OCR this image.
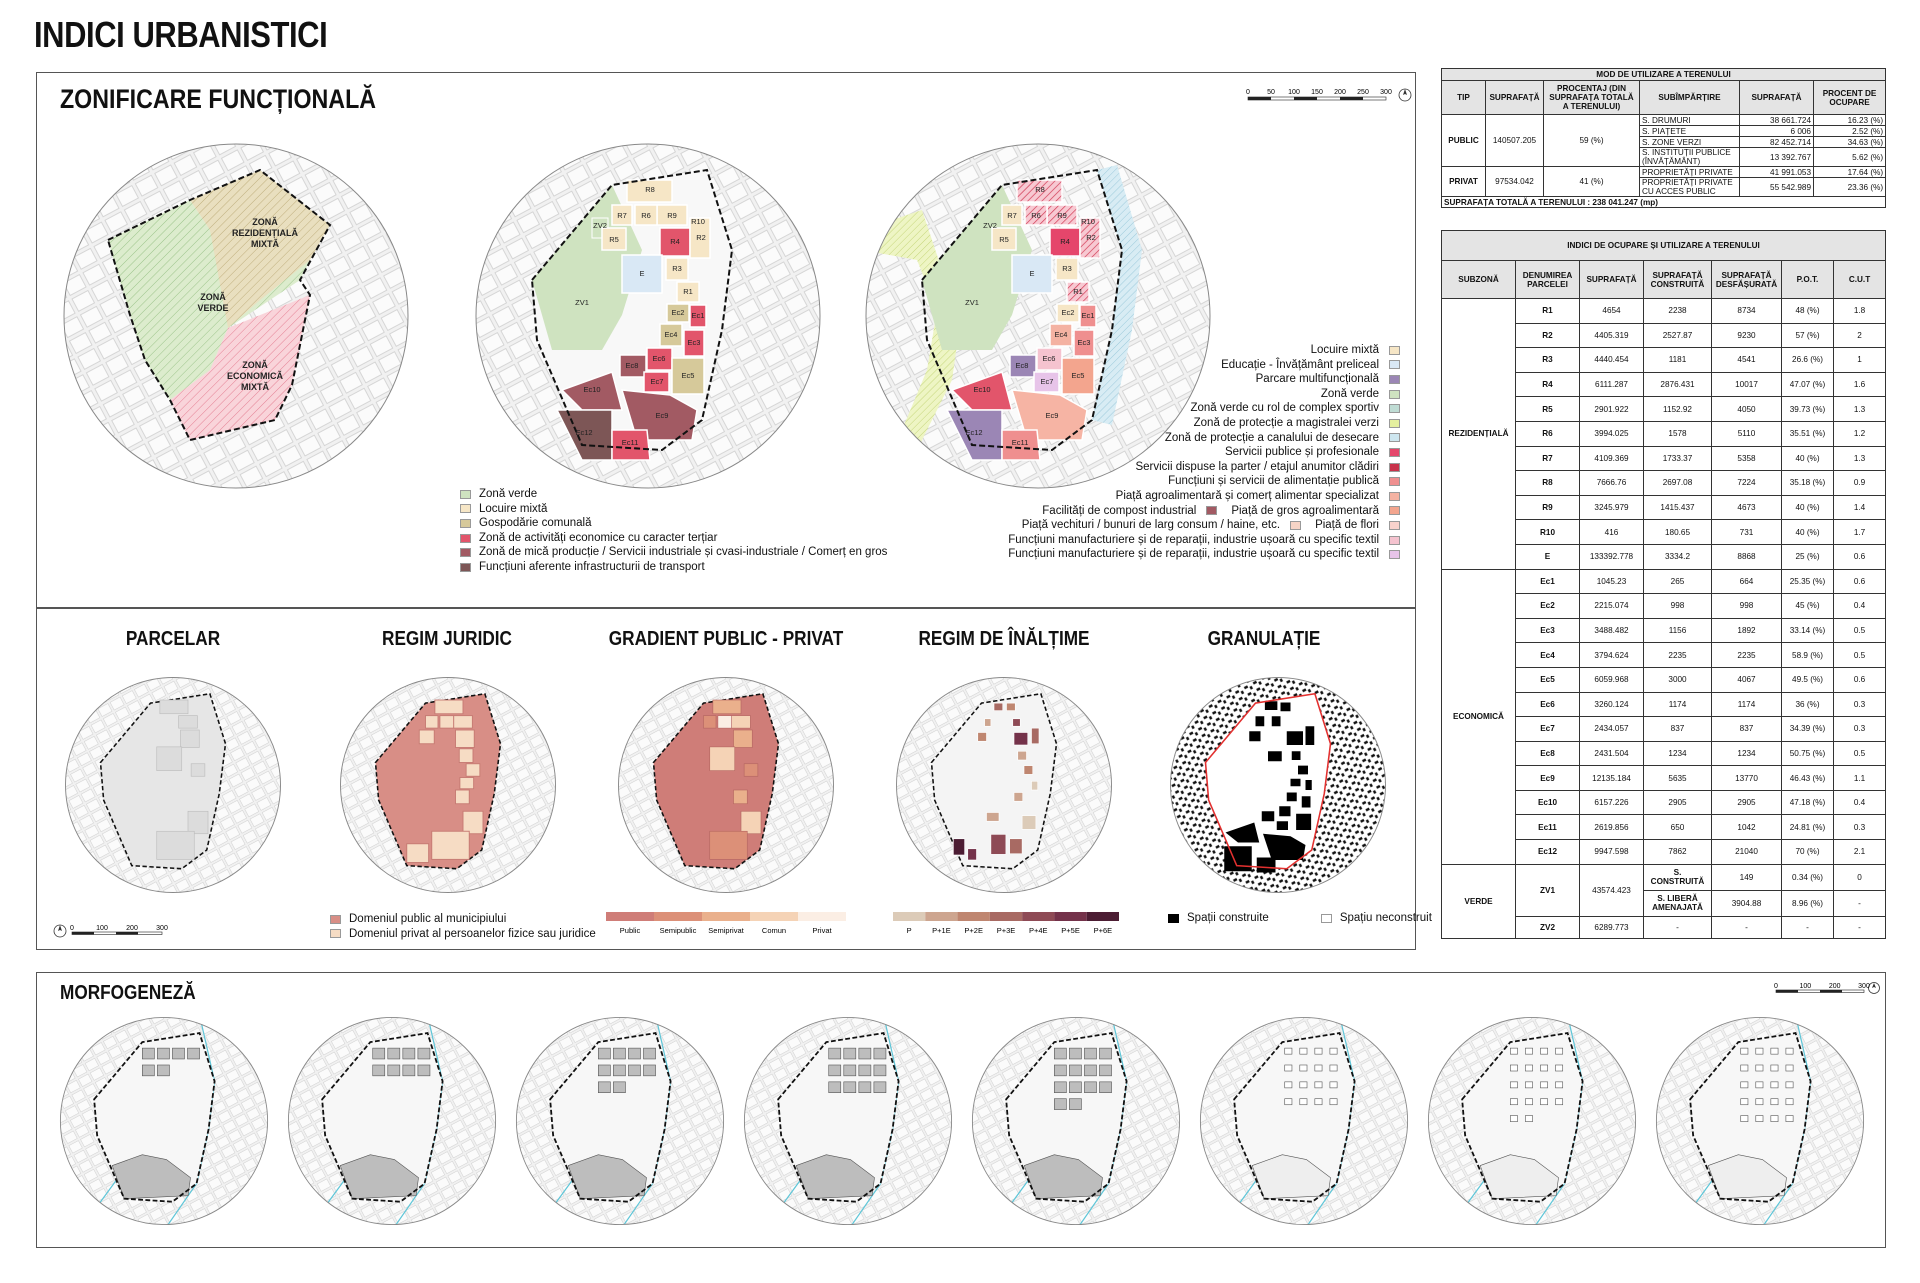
INDICI URBANISTICI
ZONIFICARE FUNCȚIONALĂ	0 50 100 150 200 250 300
ZONĂ
REZIDENȚIALĂ
MIXTĂ
ZONĂ
VERDE
ZONĂ
ECONOMICĂ
MIXTĂ
R8
R9
R10
ZV2
R7 R6
R4
R5	R2
E
R3
R1
ZV1
Ec2 Ec1
Ec4
Ec3
Ec6
Ec8
Ec7
Ec5
Ec10
Ec9
Ec12
Ec11
R8
R9
R10
ZV2
R7 R6
R4
R5	R2
E
R3
R1
ZV1
Ec2 Ec1
Ec4
Ec3
Ec6
Ec8
Ec7
Ec5
Ec10
Ec9
Ec12
Ec11
Zonă verde
Locuire mixtă
Gospodărie comunală
Zonă de activități economice cu caracter terțiar
Zonă de mică producție / Servicii industriale și cvasi-industriale / Comerț en gros
Funcțiuni aferente infrastructurii de transport
Locuire mixtă
Educație - Învățământ preliceal
Parcare multifuncțională
Zonă verde
Zonă verde cu rol de complex sportiv
Zonă de protecție a magistralei verzi
Zonă de protecție a canalului de desecare
Servicii publice și profesionale
Servicii dispuse la parter / etajul anumitor clădiri
Funcțiuni și servicii de alimentație publică
Piață agroalimentară și comerț alimentar specializat
Facilități de compost industrial	Piață de gros agroalimentară
Piață vechituri / bunuri de larg consum / haine, etc.	Piață de flori
Funcțiuni manufacturiere și de reparații, industrie ușoară cu specific textil
Funcțiuni manufacturiere și de reparații, industrie ușoară cu specific textil
PARCELAR	REGIM JURIDIC	GRADIENT PUBLIC - PRIVAT	REGIM DE ÎNĂLȚIME	GRANULAȚIE
0	100	200	300
Domeniul public al municipiului
Domeniul privat al persoanelor fizice sau juridice	Public	Semipublic Semiprivat Comun	Privat	P	P+1E P+2E P+3E P+4E P+5E P+6E
Spații construite	Spațiu neconstruit
MORFOGENEZĂ	0	100	200	300
MOD DE UTILIZARE A TERENULUI					
TIP	SUPRAFAȚĂ	PROCENTAJ (DIN SUPRAFAȚA TOTALĂ A TERENULUI)	SUBÎMPĂRȚIRE	SUPRAFAȚĂ	PROCENT DE OCUPARE
PUBLIC	140507.205	59 (%)	S. DRUMURI	38 661.724	16.23 (%)
			S. PIAȚETE	6 006	2.52 (%)
			S. ZONE VERZI	82 452.714	34.63 (%)
			S. INSTITUȚII PUBLICE (ÎNVĂȚĂMÂNT)	13 392.767	5.62 (%)
PRIVAT	97534.042	41 (%)	PROPRIETĂȚI PRIVATE	41 991.053	17.64 (%)
			PROPRIETĂȚI PRIVATE CU ACCES PUBLIC	55 542.989	23.36 (%)
SUPRAFAȚA TOTALĂ A TERENULUI : 238 041.247 (mp)					
INDICI DE OCUPARE ȘI UTILIZARE A TERENULUI						
SUBZONĂ	DENUMIREA PARCELEI	SUPRAFAȚĂ	SUPRAFAȚĂ CONSTRUITĂ	SUPRAFAȚĂ DESFĂȘURATĂ	P.O.T.	C.U.T
REZIDENȚIALĂ	R1	4654	2238	8734	48 (%)	1.8
	R2	4405.319	2527.87	9230	57 (%)	2
	R3	4440.454	1181	4541	26.6 (%)	1
	R4	6111.287	2876.431	10017	47.07 (%)	1.6
	R5	2901.922	1152.92	4050	39.73 (%)	1.3
	R6	3994.025	1578	5110	35.51 (%)	1.2
	R7	4109.369	1733.37	5358	40 (%)	1.3
	R8	7666.76	2697.08	7224	35.18 (%)	0.9
	R9	3245.979	1415.437	4673	40 (%)	1.4
	R10	416	180.65	731	40 (%)	1.7
	E	133392.778	3334.2	8868	25 (%)	0.6
ECONOMICĂ	Ec1	1045.23	265	664	25.35 (%)	0.6
	Ec2	2215.074	998	998	45 (%)	0.4
	Ec3	3488.482	1156	1892	33.14 (%)	0.5
	Ec4	3794.624	2235	2235	58.9 (%)	0.5
	Ec5	6059.968	3000	4067	49.5 (%)	0.6
	Ec6	3260.124	1174	1174	36 (%)	0.3
	Ec7	2434.057	837	837	34.39 (%)	0.3
	Ec8	2431.504	1234	1234	50.75 (%)	0.5
	Ec9	12135.184	5635	13770	46.43 (%)	1.1
	Ec10	6157.226	2905	2905	47.18 (%)	0.4
	Ec11	2619.856	650	1042	24.81 (%)	0.3
	Ec12	9947.598	7862	21040	70 (%)	2.1
VERDE	ZV1	43574.423	S. CONSTRUITĂ	149	0.34 (%)	0
			S. LIBERĂ AMENAJATĂ	3904.88	8.96 (%)	-
	ZV2	6289.773	-	-	-	-
